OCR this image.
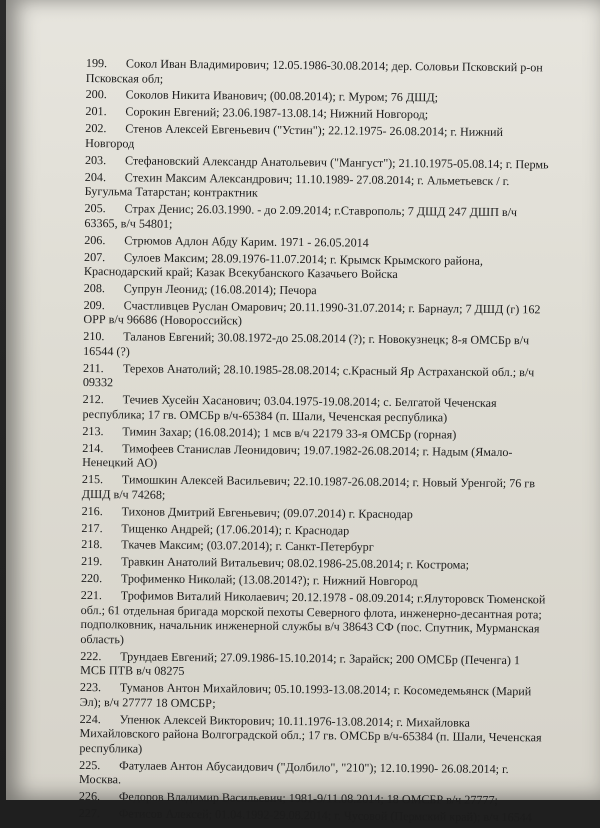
199. Сокол Иван Владимирович; 12.05.1986-30.08.2014; дер. Соловьи Псковский р-он Псковская обл;
200. Соколов Никита Иванович; (00.08.2014); г. Муром; 76 ДШД;
201. Сорокин Евгений; 23.06.1987-13.08.14; Нижний Новгород;
202. Стенов Алексей Евгеньевич ("Устин"); 22.12.1975- 26.08.2014; г. Нижний Новгород
203. Стефановский Александр Анатольевич ("Мангуст"); 21.10.1975-05.08.14; г. Пермь
204. Стехин Максим Александрович; 11.10.1989- 27.08.2014; г. Альметьевск / г. Бугульма Татарстан; контрактник
205. Страх Денис; 26.03.1990. - до 2.09.2014; г.Ставрополь; 7 ДШД 247 ДШП в/ч 63365, в/ч 54801;
206. Стрюмов Адлон Абду Карим. 1971 - 26.05.2014
207. Сулоев Максим; 28.09.1976-11.07.2014; г. Крымск Крымского района, Краснодарский край; Казак Всекубанского Казачьего Войска
208. Супрун Леонид; (16.08.2014); Печора
209. Счастливцев Руслан Омарович; 20.11.1990-31.07.2014; г. Барнаул; 7 ДШД (г) 162 ОРР в/ч 96686 (Новороссийск)
210. Таланов Евгений; 30.08.1972-до 25.08.2014 (?); г. Новокузнецк; 8-я ОМСБр в/ч 16544 (?)
211. Терехов Анатолий; 28.10.1985-28.08.2014; с.Красный Яр Астраханской обл.; в/ч 09332
212. Течиев Хусейн Хасанович; 03.04.1975-19.08.2014; с. Белгатой Чеченская республика; 17 гв. ОМСБр в/ч-65384 (п. Шали, Чеченская республика)
213. Тимин Захар; (16.08.2014); 1 мсв в/ч 22179 33-я ОМСБр (горная)
214. Тимофеев Станислав Леонидович; 19.07.1982-26.08.2014; г. Надым (Ямало-Ненецкий АО)
215. Тимошкин Алексей Васильевич; 22.10.1987-26.08.2014; г. Новый Уренгой; 76 гв ДШД в/ч 74268;
216. Тихонов Дмитрий Евгеньевич; (09.07.2014) г. Краснодар
217. Тищенко Андрей; (17.06.2014); г. Краснодар
218. Ткачев Максим; (03.07.2014); г. Санкт-Петербург
219. Травкин Анатолий Витальевич; 08.02.1986-25.08.2014; г. Кострома;
220. Трофименко Николай; (13.08.2014?); г. Нижний Новгород
221. Трофимов Виталий Николаевич; 20.12.1978 - 08.09.2014; г.Ялуторовск Тюменской обл.; 61 отдельная бригада морской пехоты Северного флота, инженерно-десантная рота; подполковник, начальник инженерной службы в/ч 38643 СФ (пос. Спутник, Мурманская область)
222. Трундаев Евгений; 27.09.1986-15.10.2014; г. Зарайск; 200 ОМСБр (Печенга) 1 МСБ ПТВ в/ч 08275
223. Туманов Антон Михайлович; 05.10.1993-13.08.2014; г. Косомедемьянск (Марий Эл); в/ч 27777 18 ОМСБР;
224. Упенюк Алексей Викторович; 10.11.1976-13.08.2014; г. Михайловка Михайловского района Волгоградской обл.; 17 гв. ОМСБр в/ч-65384 (п. Шали, Чеченская республика)
225. Фатулаев Антон Абусаидович ("Долбило", "210"); 12.10.1990- 26.08.2014; г. Москва.
226. Федоров Владимир Васильевич; 1981-9/11.08.2014; 18 ОМСБР в/ч 27777;
227. Фетисов Алексей; 01.04.1992-29.08.2014; г. Чусовой (Пермский край); в/ч 16544
